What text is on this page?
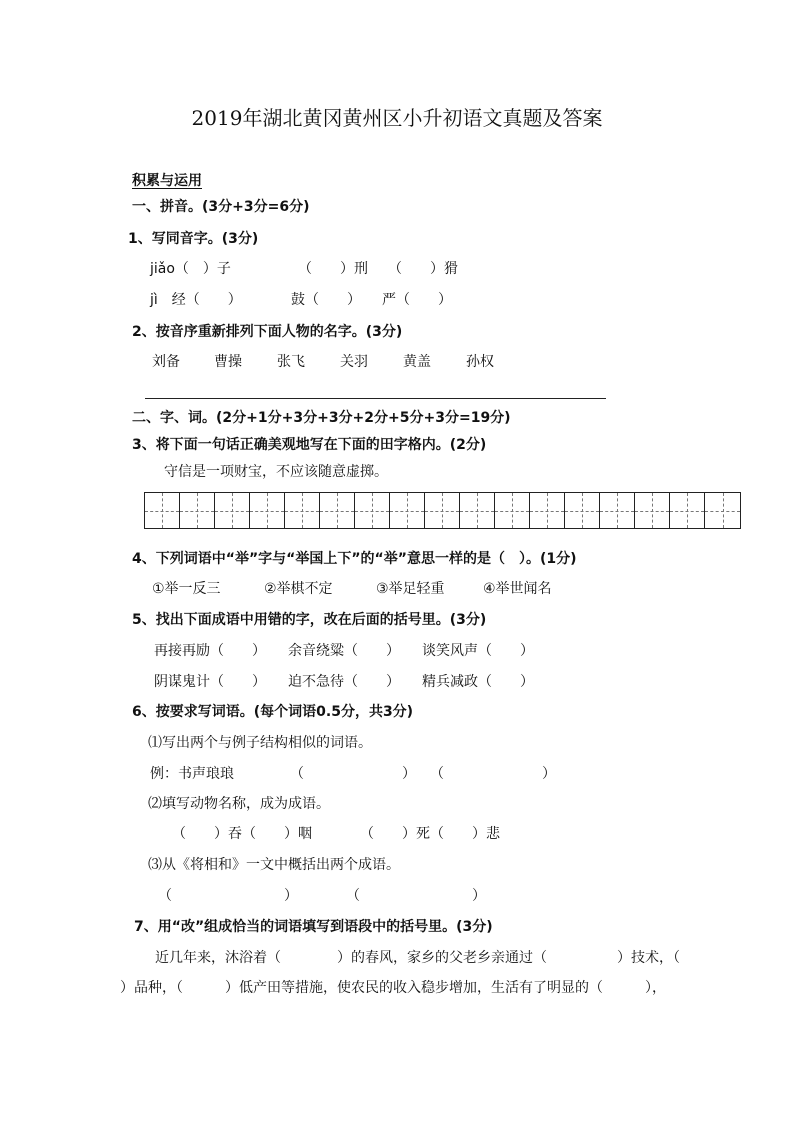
2019年湖北黄冈黄州区小升初语文真题及答案
积累与运用
一、拼音。(3分+3分=6分)
1、写同音字。(3分)
jiǎo（　）子	（　　）刑 （　　）猾
jì　经（　　）	鼓（　　） 严（　　）
2、按音序重新排列下面人物的名字。(3分)
刘备 曹操	张飞	关羽	黄盖	孙权
二、字、词。(2分+1分+3分+3分+2分+5分+3分=19分)
3、将下面一句话正确美观地写在下面的田字格内。(2分)
守信是一项财宝，不应该随意虚掷。
4、下列词语中“举”字与“举国上下”的“举”意思一样的是（　）。(1分)
①举一反三	②举棋不定	③举足轻重	④举世闻名
5、找出下面成语中用错的字，改在后面的括号里。(3分)
再接再励（　　） 余音绕粱（　　） 谈笑风声（　　）
阴谋鬼计（　　） 迫不急待（　　） 精兵减政（　　）
6、按要求写词语。(每个词语0.5分，共3分)
⑴写出两个与例子结构相似的词语。
例：书声琅琅	（　　　　　　　） （　　　　　　　）
⑵填写动物名称，成为成语。
（　　）吞（　　）咽	（　　）死（　　）悲
⑶从《将相和》一文中概括出两个成语。
（　　　　　　　　）	（　　　　　　　　）
7、用“改”组成恰当的词语填写到语段中的括号里。(3分)
近几年来，沐浴着（　　　　）的春风，家乡的父老乡亲通过（　　　　　）技术，（
）品种，（　　　）低产田等措施，使农民的收入稳步增加，生活有了明显的（　　　），
